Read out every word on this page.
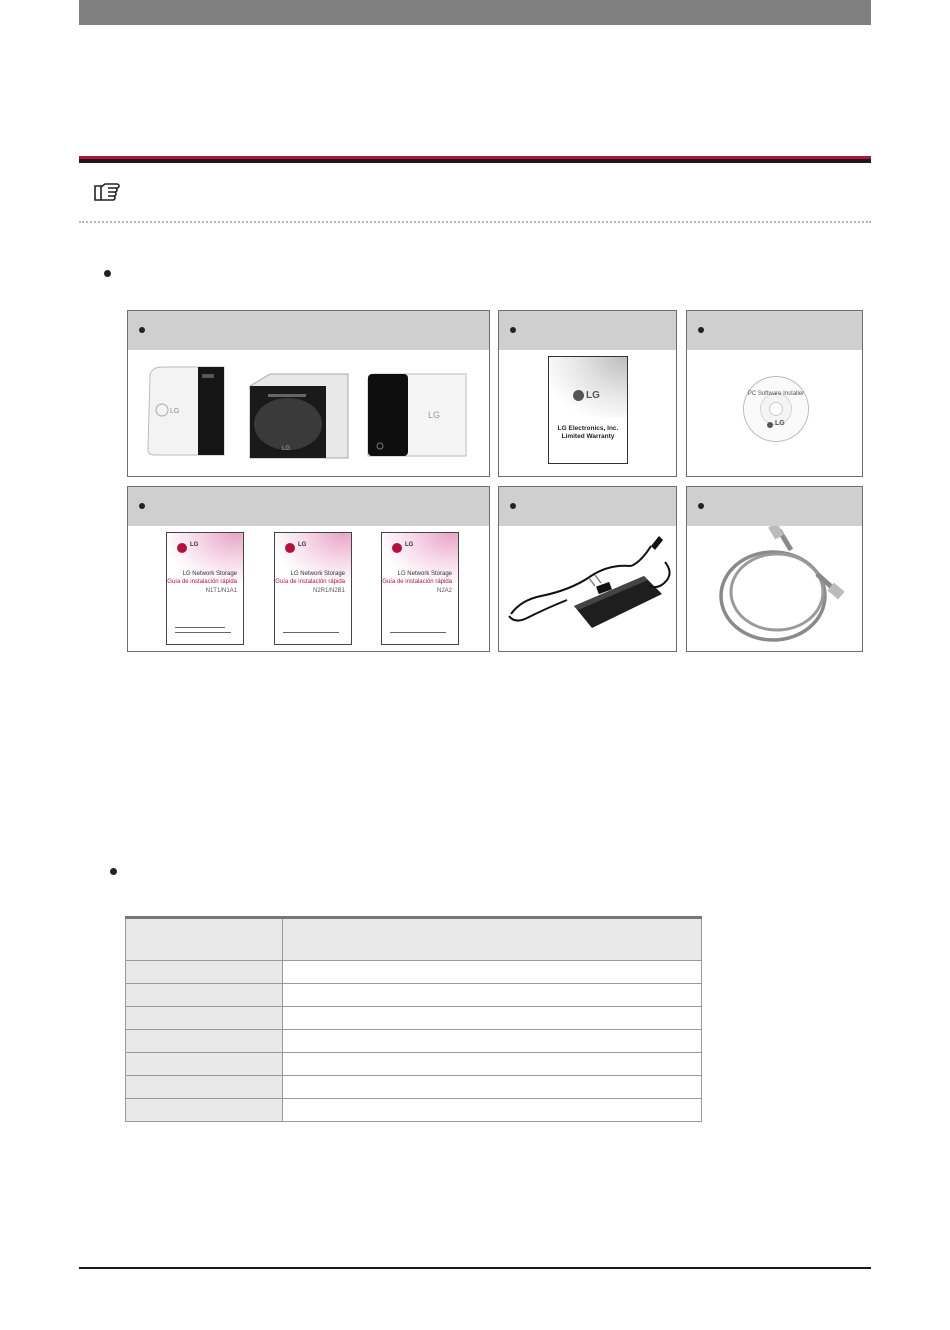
LG
LG
LG
LG
LG Electronics, Inc.
Limited Warranty
PC Software Installer
LG
LG
LG Network Storage
Guía de instalación rápida
N1T1/N1A1
LG
LG Network Storage
Guía de instalación rápida
N2R1/N2B1
LG
LG Network Storage
Guía de instalación rápida
N2A2
